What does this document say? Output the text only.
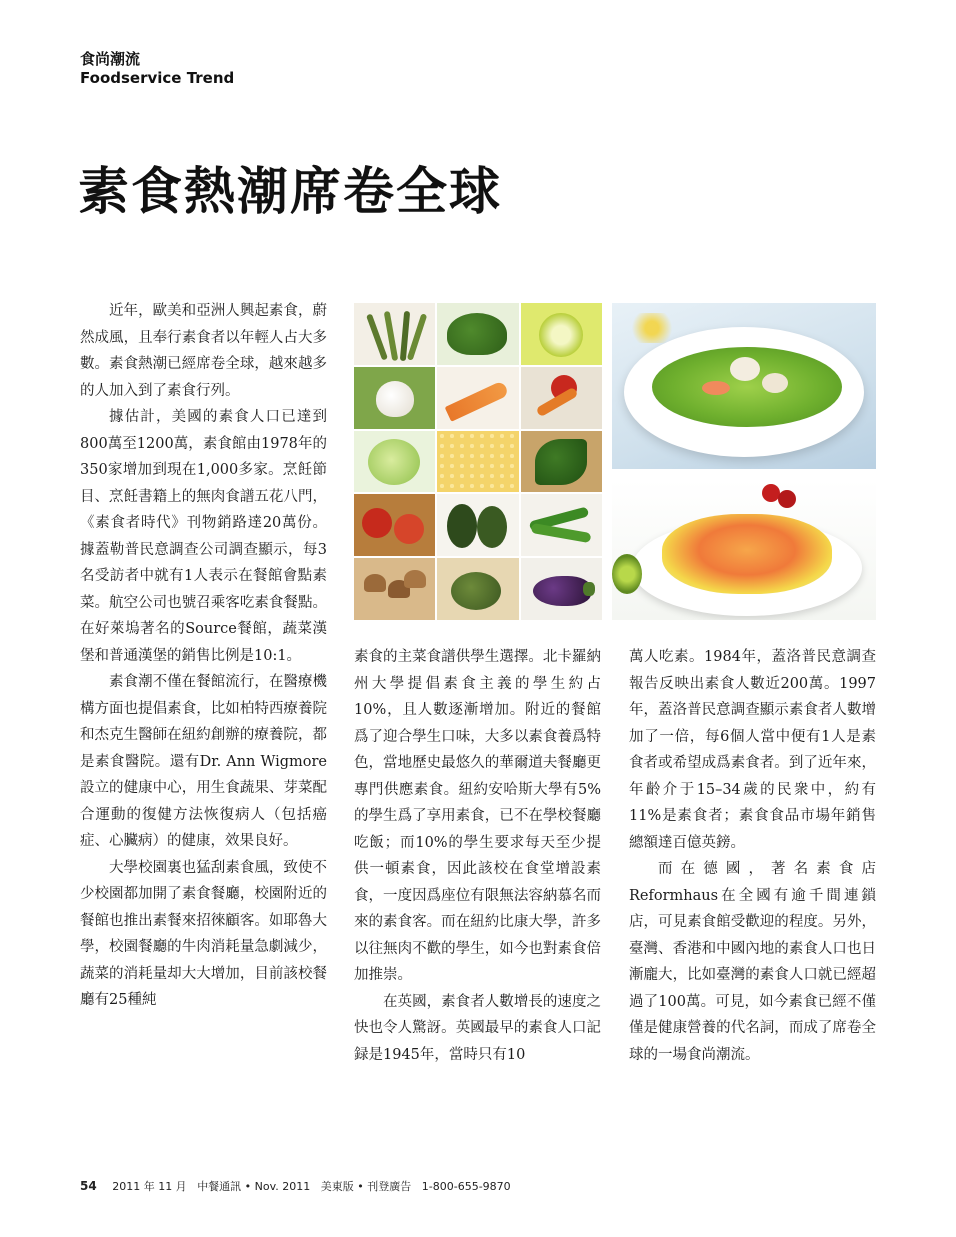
食尚潮流
Foodservice Trend
素食熱潮席卷全球

近年，歐美和亞洲人興起素食，蔚然成風，且奉行素食者以年輕人占大多數。素食熱潮已經席卷全球，越來越多的人加入到了素食行列。

據估計，美國的素食人口已達到800萬至1200萬，素食館由1978年的350家增加到現在1,000多家。烹飪節目、烹飪書籍上的無肉食譜五花八門，《素食者時代》刊物銷路達20萬份。據蓋勒普民意調查公司調查顯示，每3名受訪者中就有1人表示在餐館會點素菜。航空公司也號召乘客吃素食餐點。在好萊塢著名的Source餐館，蔬菜漢堡和普通漢堡的銷售比例是10:1。

素食潮不僅在餐館流行，在醫療機構方面也提倡素食，比如柏特西療養院和杰克生醫師在紐約創辦的療養院，都是素食醫院。還有Dr. Ann Wigmore設立的健康中心，用生食蔬果、芽菜配合運動的復健方法恢復病人（包括癌症、心臟病）的健康，效果良好。

大學校園裏也猛刮素食風，致使不少校園都加開了素食餐廳，校園附近的餐館也推出素餐來招徠顧客。如耶魯大學，校園餐廳的牛肉消耗量急劇減少，蔬菜的消耗量却大大增加，目前該校餐廳有25種純

素食的主菜食譜供學生選擇。北卡羅納州大學提倡素食主義的學生約占10%，且人數逐漸增加。附近的餐館爲了迎合學生口味，大多以素食養爲特色，當地歷史最悠久的華爾道夫餐廳更專門供應素食。紐約安哈斯大學有5%的學生爲了享用素食，已不在學校餐廳吃飯；而10%的學生要求每天至少提供一頓素食，因此該校在食堂增設素食，一度因爲座位有限無法容納慕名而來的素食客。而在紐約比康大學，許多以往無肉不歡的學生，如今也對素食倍加推崇。

在英國，素食者人數增長的速度之快也令人驚訝。英國最早的素食人口記録是1945年，當時只有10

萬人吃素。1984年，蓋洛普民意調查報告反映出素食人數近200萬。1997年，蓋洛普民意調查顯示素食者人數增加了一倍，每6個人當中便有1人是素食者或希望成爲素食者。到了近年來，年齡介于15–34歲的民衆中，約有11%是素食者；素食食品市場年銷售總額達百億英鎊。

而在德國，著名素食店Reformhaus在全國有逾千間連鎖店，可見素食館受歡迎的程度。另外，臺灣、香港和中國內地的素食人口也日漸龐大，比如臺灣的素食人口就已經超過了100萬。可見，如今素食已經不僅僅是健康營養的代名詞，而成了席卷全球的一場食尚潮流。

54 2011 年 11 月 中餐通訊 • Nov. 2011 美東版 • 刊登廣告 1-800-655-9870
